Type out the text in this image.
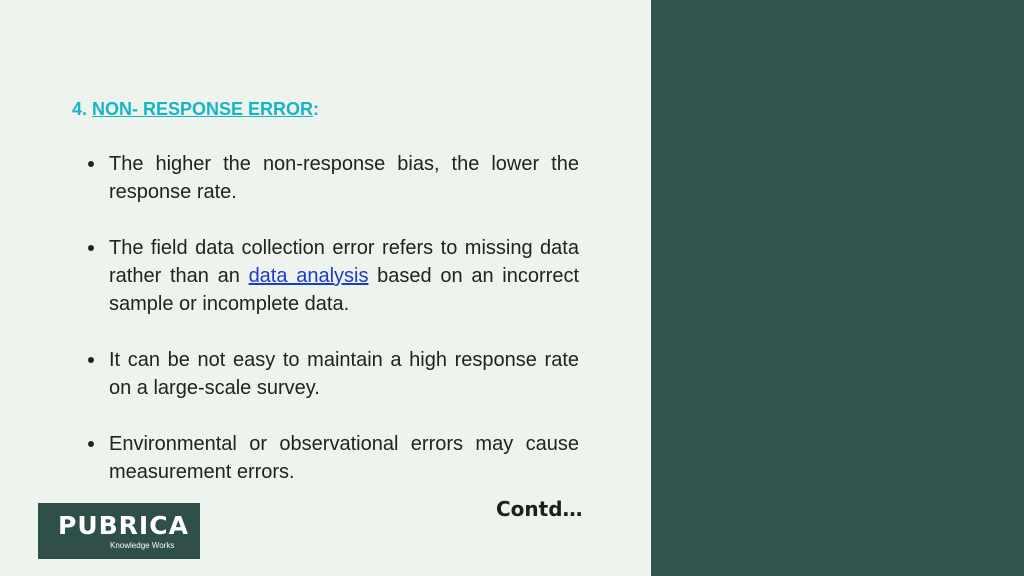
4. NON- RESPONSE ERROR:
The higher the non-response bias, the lower the response rate.
The field data collection error refers to missing data rather than an data analysis based on an incorrect sample or incomplete data.
It can be not easy to maintain a high response rate on a large-scale survey.
Environmental or observational errors may cause measurement errors.
Contd…
PUBRICA
Knowledge Works
